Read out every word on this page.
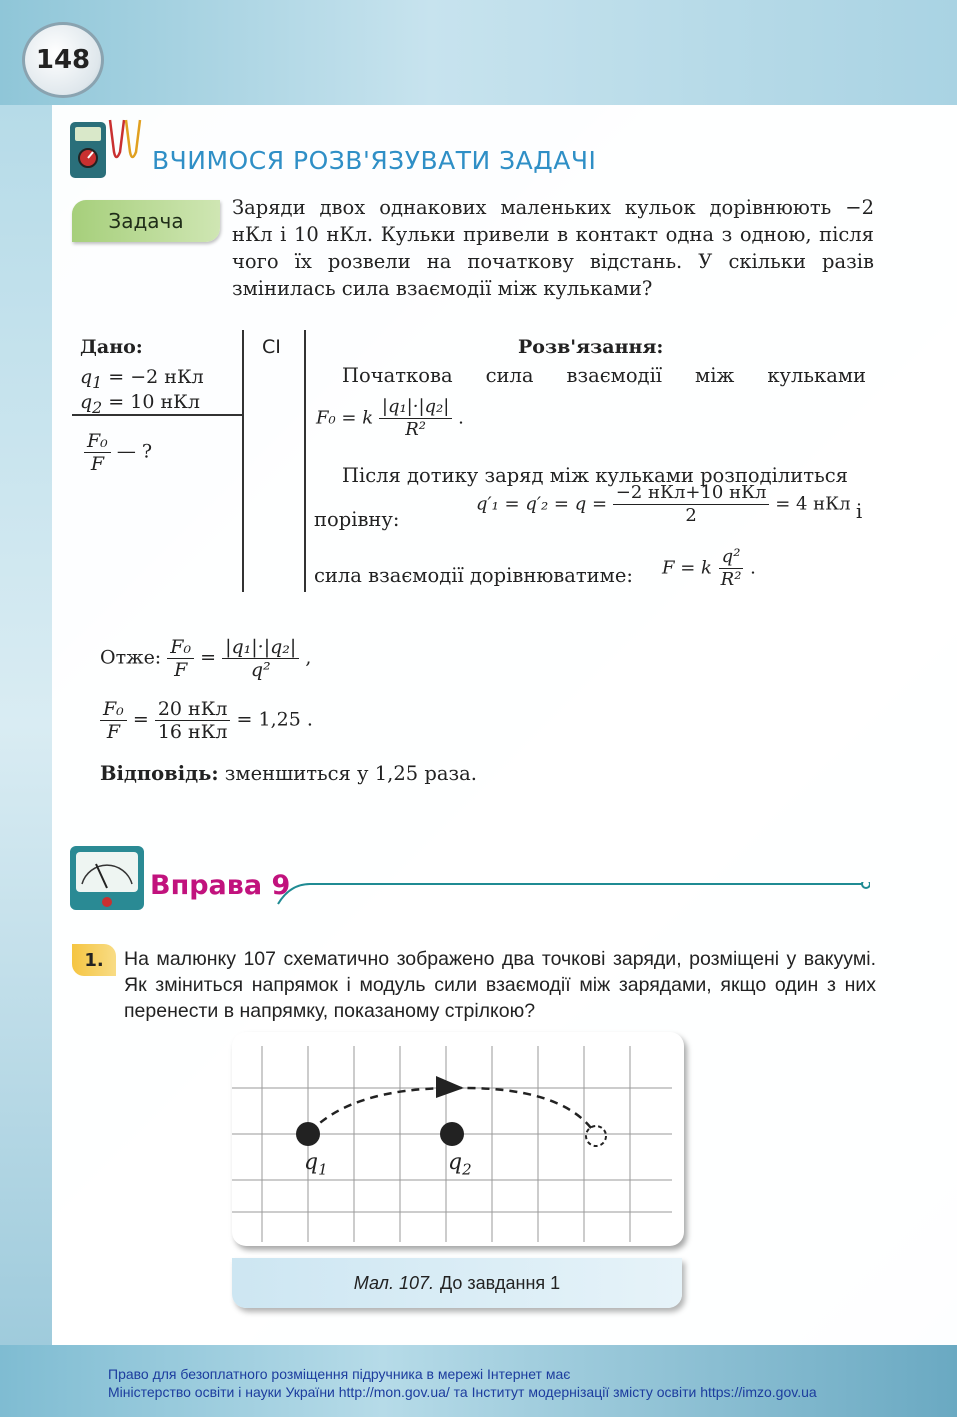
148
ВЧИМОСЯ РОЗВ'ЯЗУВАТИ ЗАДАЧІ
Задача
Заряди двох однакових маленьких кульок дорівнюють −2 нКл і 10 нКл. Кульки привели в контакт одна з одною, після чого їх розвели на початкову відстань. У скільки разів змінилась сила взаємодії між кульками?
Дано:	СІ	Розв'язання:
$q_1 = -2$ нКл
$q_2 = 10$ нКл
$\frac{\text{F₀}}{F}$ — ?
Початкова сила взаємодії між кульками
F₀ = k $\frac{\text{|q₁|·|q₂|}}{\text{R²}}$ .
Після дотику заряд між кульками розподілиться порівну:
$q'_1 = q'_2 = q = \frac{\text{−2 нКл+10 нКл}}{2} = 4$ нКл і
сила взаємодії дорівнюватиме: F = k $\frac{\text{q²}}{\text{R²}}$ .
Отже: $\frac{\text{F₀}}{F} = \frac{\text{|q₁|·|q₂|}}{\text{q²}}$ ,
$\frac{\text{F₀}}{F} = \frac{\text{20 нКл}}{\text{16 нКл}} = 1,25$ .
Відповідь: зменшиться у 1,25 раза.
Вправа 9
1.	На малюнку 107 схематично зображено два точкові заряди, розміщені у вакуумі. Як зміниться напрямок і модуль сили взаємодії між зарядами, якщо один з них перенести в напрямку, показаному стрілкою?
$q_1$	$q_2$
Мал. 107. До завдання 1
Право для безоплатного розміщення підручника в мережі Інтернет має
Міністерство освіти і науки України http://mon.gov.ua/ та Інститут модернізації змісту освіти https://imzo.gov.ua
